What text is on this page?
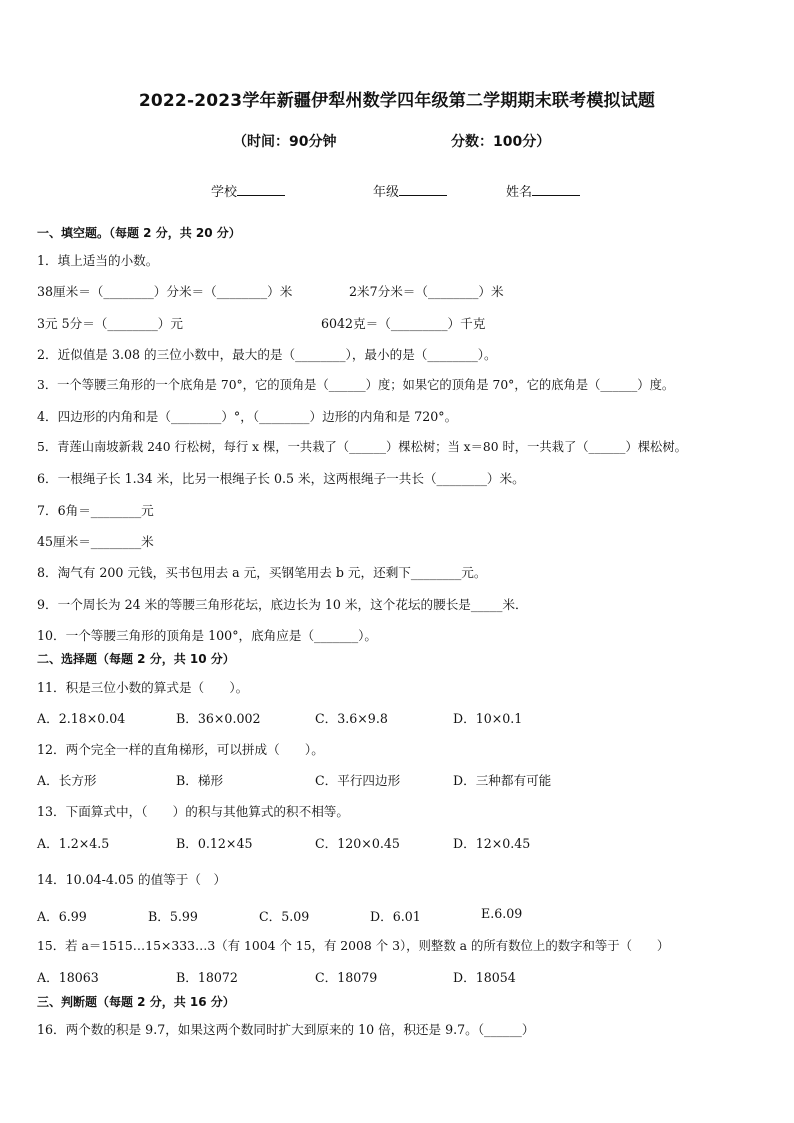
2022-2023学年新疆伊犁州数学四年级第二学期期末联考模拟试题
（时间：90分钟	分数：100分）
学校	年级	姓名
一、填空题。（每题 2 分，共 20 分）
1．填上适当的小数。
38厘米＝（________）分米＝（________）米	2米7分米＝（________）米
3元 5分＝（________）元	6042克＝（_________）千克
2．近似值是 3.08 的三位小数中，最大的是（________），最小的是（________）。
3．一个等腰三角形的一个底角是 70°，它的顶角是（______）度；如果它的顶角是 70°，它的底角是（______）度。
4．四边形的内角和是（________）°，（________）边形的内角和是 720°。
5．青莲山南坡新栽 240 行松树，每行 x 棵，一共栽了（______）棵松树；当 x＝80 时，一共栽了（______）棵松树。
6．一根绳子长 1.34 米，比另一根绳子长 0.5 米，这两根绳子一共长（________）米。
7．6角＝________元
45厘米＝________米
8．淘气有 200 元钱，买书包用去 a 元，买钢笔用去 b 元，还剩下________元。
9．一个周长为 24 米的等腰三角形花坛，底边长为 10 米，这个花坛的腰长是_____米．
10．一个等腰三角形的顶角是 100°，底角应是（_______）。
二、选择题（每题 2 分，共 10 分）
11．积是三位小数的算式是（　　）。
A．2.18×0.04	B．36×0.002	C．3.6×9.8	D．10×0.1
12．两个完全一样的直角梯形，可以拼成（　　）。
A．长方形	B．梯形	C．平行四边形	D．三种都有可能
13．下面算式中，（　　）的积与其他算式的积不相等。
A．1.2×4.5	B．0.12×45	C．120×0.45	D．12×0.45
14．10.04-4.05 的值等于（　）
A．6.99	B．5.99	C．5.09	D．6.01	E.6.09
15．若 a＝1515…15×333…3（有 1004 个 15，有 2008 个 3），则整数 a 的所有数位上的数字和等于（　　）
A．18063	B．18072	C．18079	D．18054
三、判断题（每题 2 分，共 16 分）
16．两个数的积是 9.7，如果这两个数同时扩大到原来的 10 倍，积还是 9.7。（______）
